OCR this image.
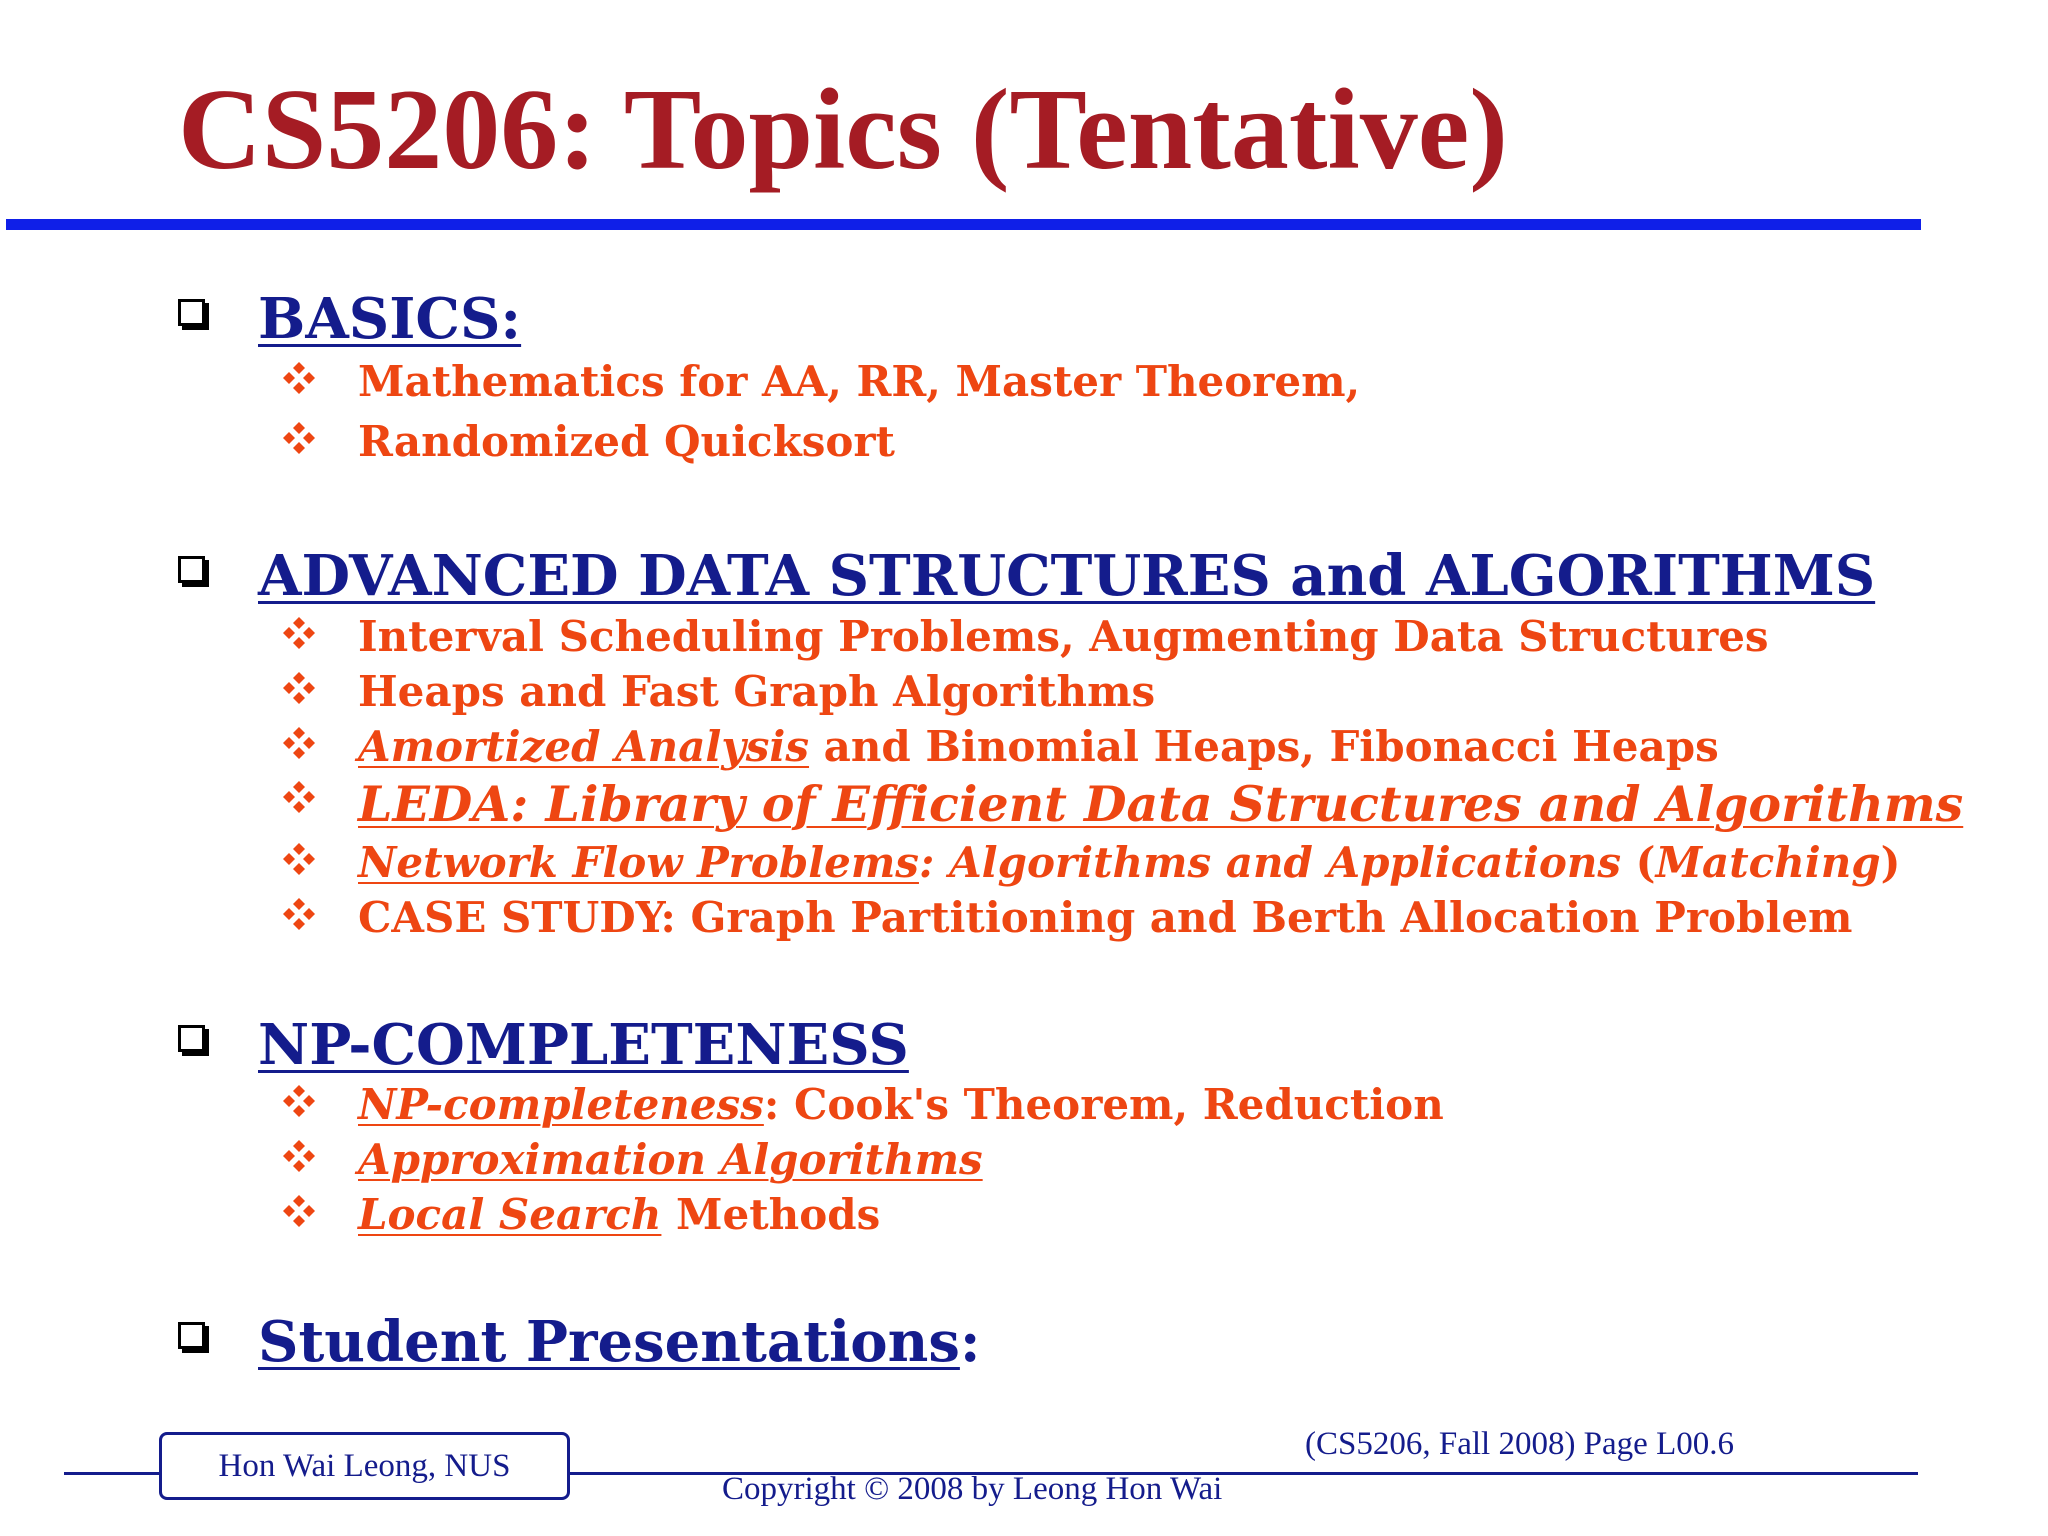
CS5206: Topics (Tentative)
BASICS:
Mathematics for AA, RR, Master Theorem,
Randomized Quicksort
ADVANCED DATA STRUCTURES and ALGORITHMS
Interval Scheduling Problems, Augmenting Data Structures
Heaps and Fast Graph Algorithms
Amortized Analysis and Binomial Heaps, Fibonacci Heaps
LEDA: Library of Efficient Data Structures and Algorithms
Network Flow Problems: Algorithms and Applications (Matching)
CASE STUDY: Graph Partitioning and Berth Allocation Problem
NP-COMPLETENESS
NP-completeness: Cook's Theorem, Reduction
Approximation Algorithms
Local Search Methods
Student Presentations:
Hon Wai Leong, NUS
(CS5206, Fall 2008) Page L00.6
Copyright © 2008 by Leong Hon Wai
